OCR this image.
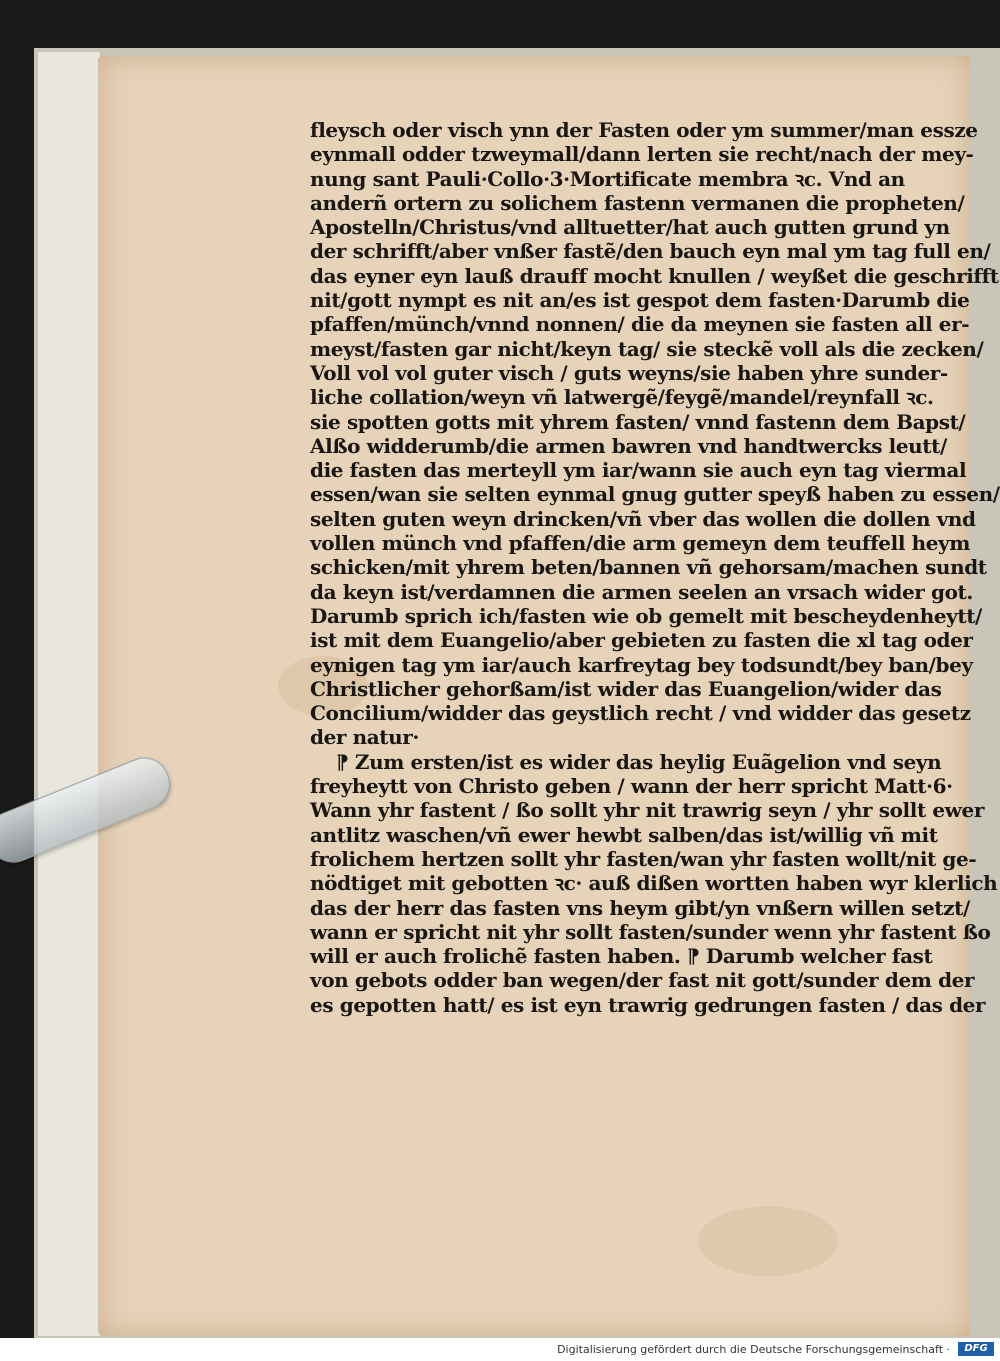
fleysch oder visch ynn der Fasten oder ym summer/man essze
eynmall odder tzweymall/dann lerten sie recht/nach der mey-
nung sant Pauli·Collo·3·Mortificate membra ꝛc. Vnd an
anderñ ortern zu solichem fastenn vermanen die propheten/
Apostelln/Christus/vnd alltuetter/hat auch gutten grund yn
der schrifft/aber vnßer fastẽ/den bauch eyn mal ym tag full en/
das eyner eyn lauß drauff mocht knullen / weyßet die geschrifft
nit/gott nympt es nit an/es ist gespot dem fasten·Darumb die
pfaffen/münch/vnnd nonnen/ die da meynen sie fasten all er-
meyst/fasten gar nicht/keyn tag/ sie steckẽ voll als die zecken/
Voll vol vol guter visch / guts weyns/sie haben yhre sunder-
liche collation/weyn vñ latwergẽ/feygẽ/mandel/reynfall ꝛc.
sie spotten gotts mit yhrem fasten/ vnnd fastenn dem Bapst/
Alßo widderumb/die armen bawren vnd handtwercks leutt/
die fasten das merteyll ym iar/wann sie auch eyn tag viermal
essen/wan sie selten eynmal gnug gutter speyß haben zu essen/
selten guten weyn drincken/vñ vber das wollen die dollen vnd
vollen münch vnd pfaffen/die arm gemeyn dem teuffell heym
schicken/mit yhrem beten/bannen vñ gehorsam/machen sundt
da keyn ist/verdamnen die armen seelen an vrsach wider got.
Darumb sprich ich/fasten wie ob gemelt mit bescheydenheytt/
ist mit dem Euangelio/aber gebieten zu fasten die xl tag oder
eynigen tag ym iar/auch karfreytag bey todsundt/bey ban/bey
Christlicher gehorßam/ist wider das Euangelion/wider das
Concilium/widder das geystlich recht / vnd widder das gesetz
der natur·
⁋ Zum ersten/ist es wider das heylig Euãgelion vnd seyn
freyheytt von Christo geben / wann der herr spricht Matt·6·
Wann yhr fastent / ßo sollt yhr nit trawrig seyn / yhr sollt ewer
antlitz waschen/vñ ewer hewbt salben/das ist/willig vñ mit
frolichem hertzen sollt yhr fasten/wan yhr fasten wollt/nit ge-
nödtiget mit gebotten ꝛc· auß dißen wortten haben wyr klerlich
das der herr das fasten vns heym gibt/yn vnßern willen setzt/
wann er spricht nit yhr sollt fasten/sunder wenn yhr fastent ßo
will er auch frolichẽ fasten haben. ⁋ Darumb welcher fast
von gebots odder ban wegen/der fast nit gott/sunder dem der
es gepotten hatt/ es ist eyn trawrig gedrungen fasten / das der
Digitalisierung gefördert durch die Deutsche Forschungsgemeinschaft ·	DFG
